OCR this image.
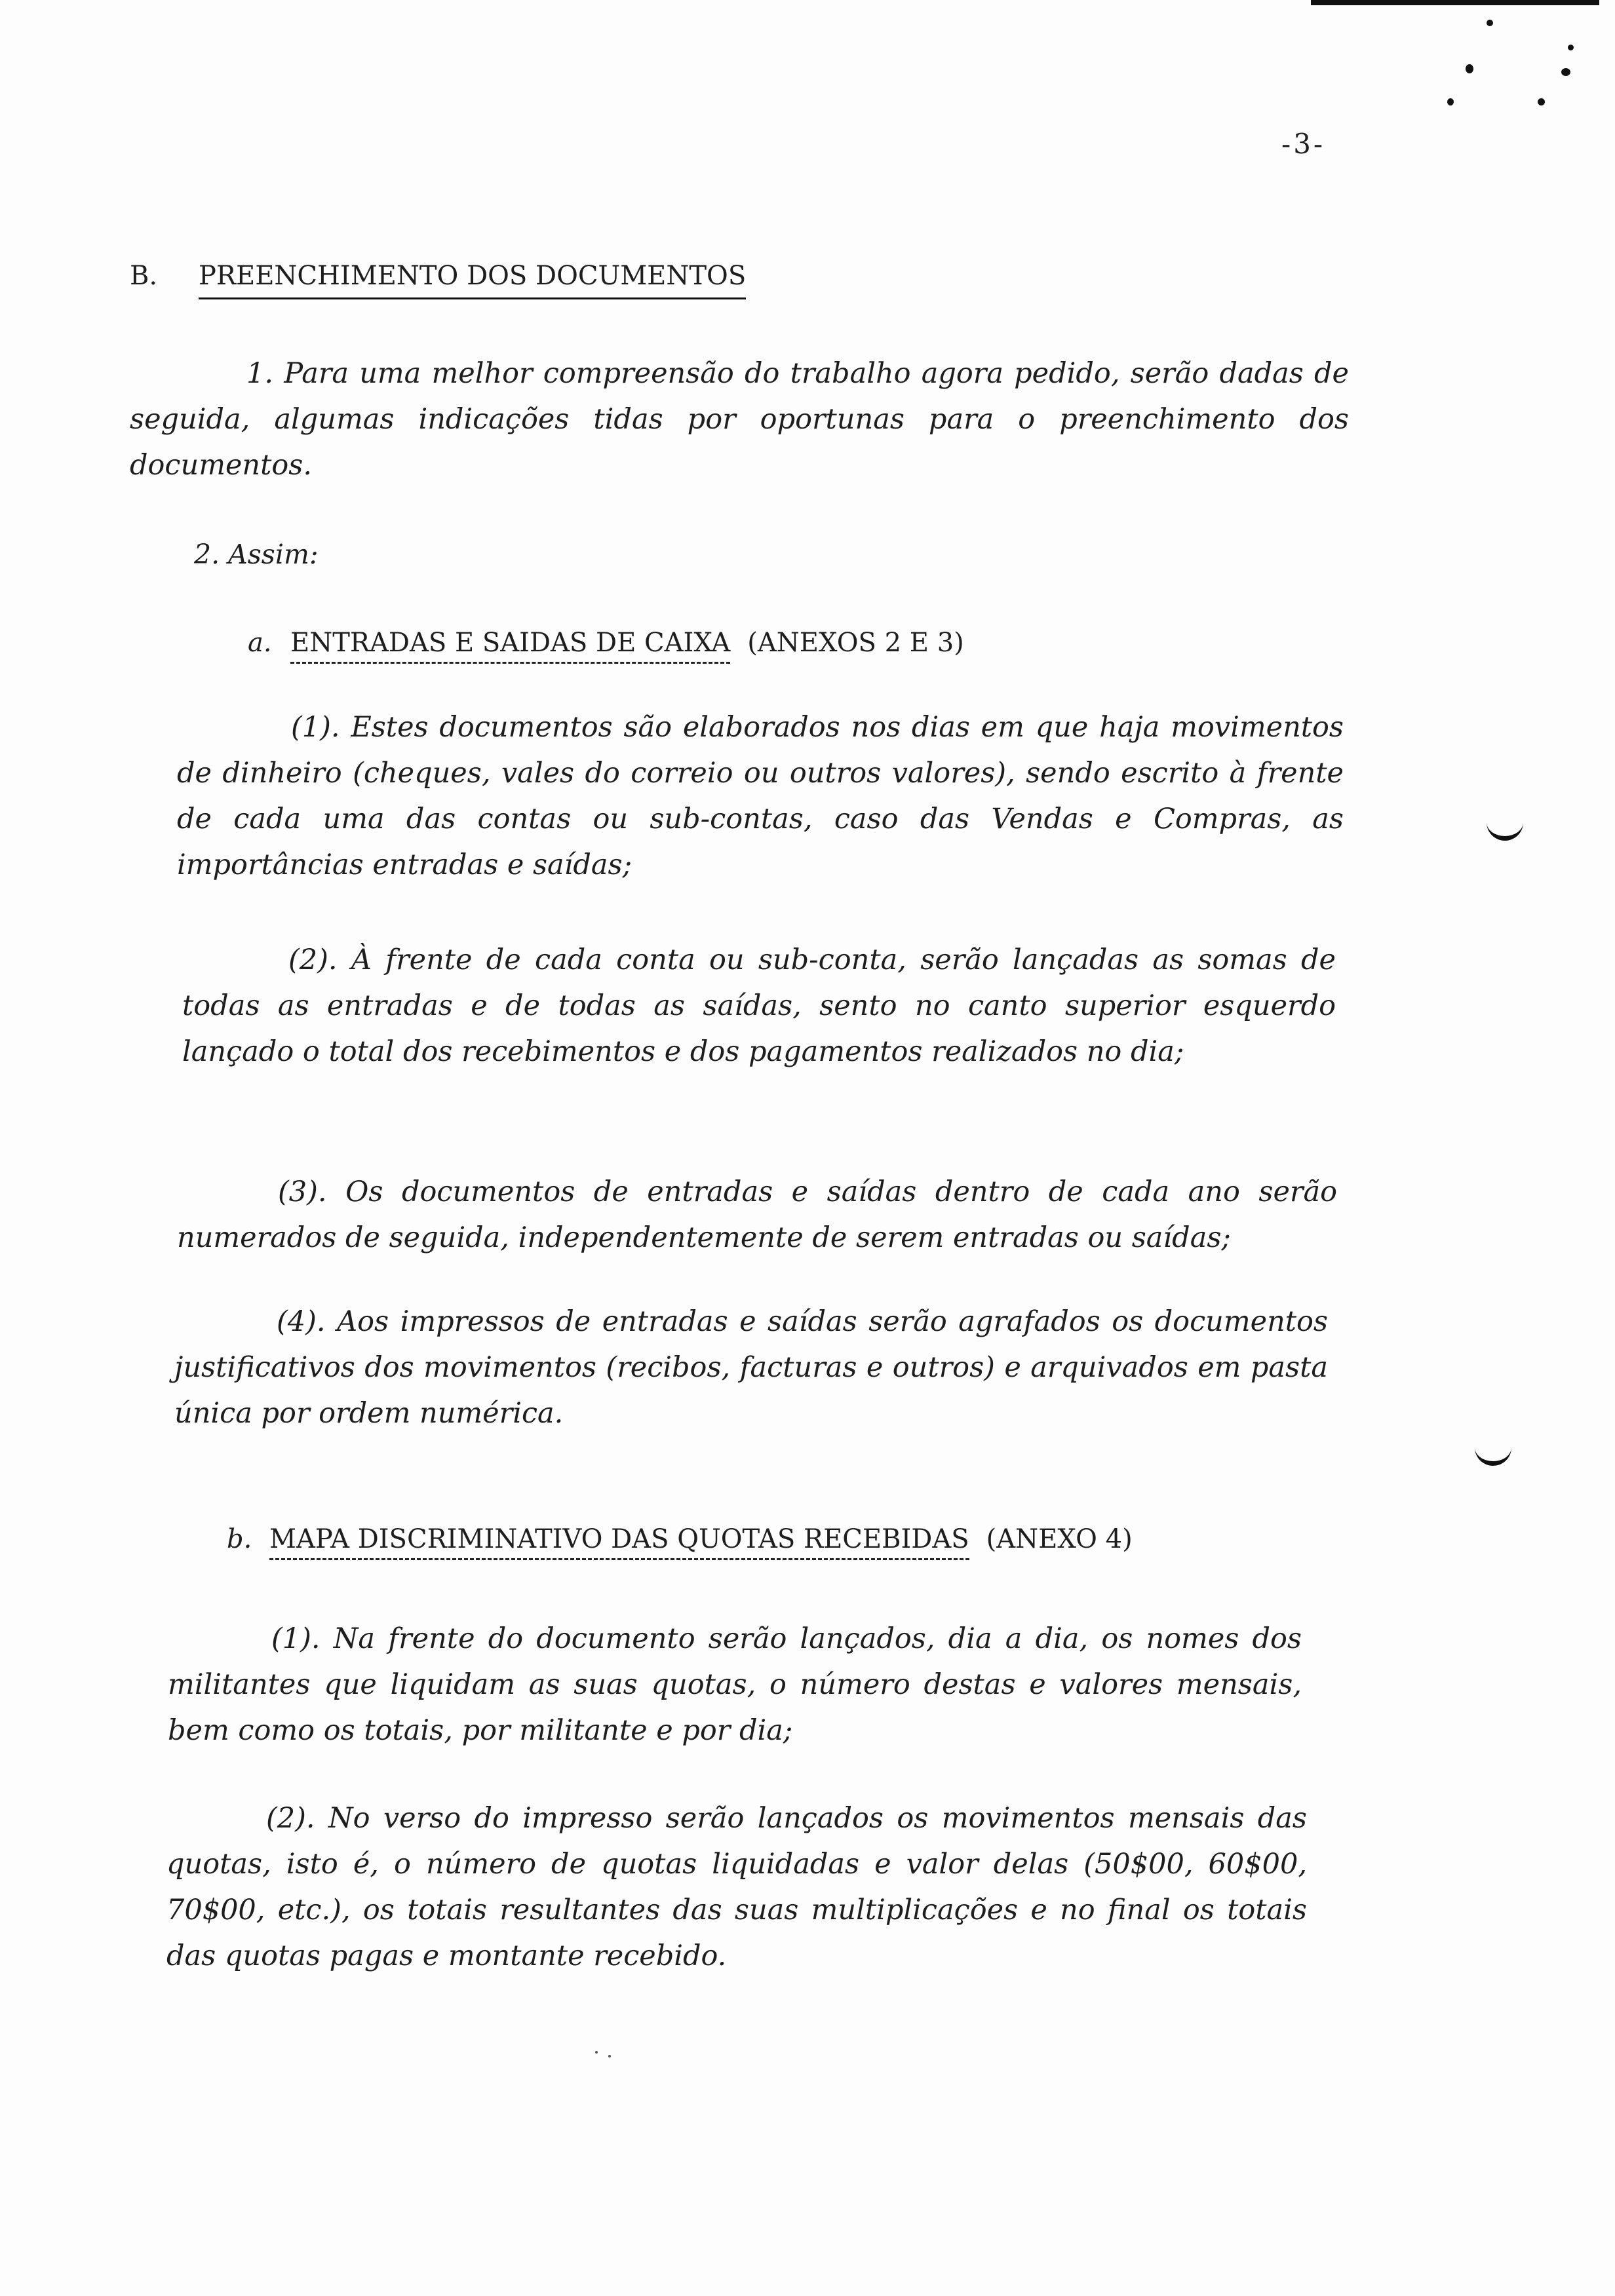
-3-
B. PREENCHIMENTO DOS DOCUMENTOS
1. Para uma melhor compreensão do trabalho agora pedido, serão dadas de seguida, algumas indicações tidas por oportunas para o preenchimento dos documentos.
2. Assim:
a. ENTRADAS E SAIDAS DE CAIXA (ANEXOS 2 E 3)
(1). Estes documentos são elaborados nos dias em que haja movimentos de dinheiro (cheques, vales do correio ou outros valores), sendo escrito à frente de cada uma das contas ou sub-contas, caso das Vendas e Compras, as importâncias entradas e saídas;
(2). À frente de cada conta ou sub-conta, serão lançadas as somas de todas as entradas e de todas as saídas, sento no canto superior esquerdo lançado o total dos recebimentos e dos pagamentos realizados no dia;
(3). Os documentos de entradas e saídas dentro de cada ano serão numerados de seguida, independentemente de serem entradas ou saídas;
(4). Aos impressos de entradas e saídas serão agrafados os documentos justificativos dos movimentos (recibos, facturas e outros) e arquivados em pasta única por ordem numérica.
b. MAPA DISCRIMINATIVO DAS QUOTAS RECEBIDAS (ANEXO 4)
(1). Na frente do documento serão lançados, dia a dia, os nomes dos militantes que liquidam as suas quotas, o número destas e valores mensais, bem como os totais, por militante e por dia;
(2). No verso do impresso serão lançados os movimentos mensais das quotas, isto é, o número de quotas liquidadas e valor delas (50$00, 60$00, 70$00, etc.), os totais resultantes das suas multiplicações e no final os totais das quotas pagas e montante recebido.
